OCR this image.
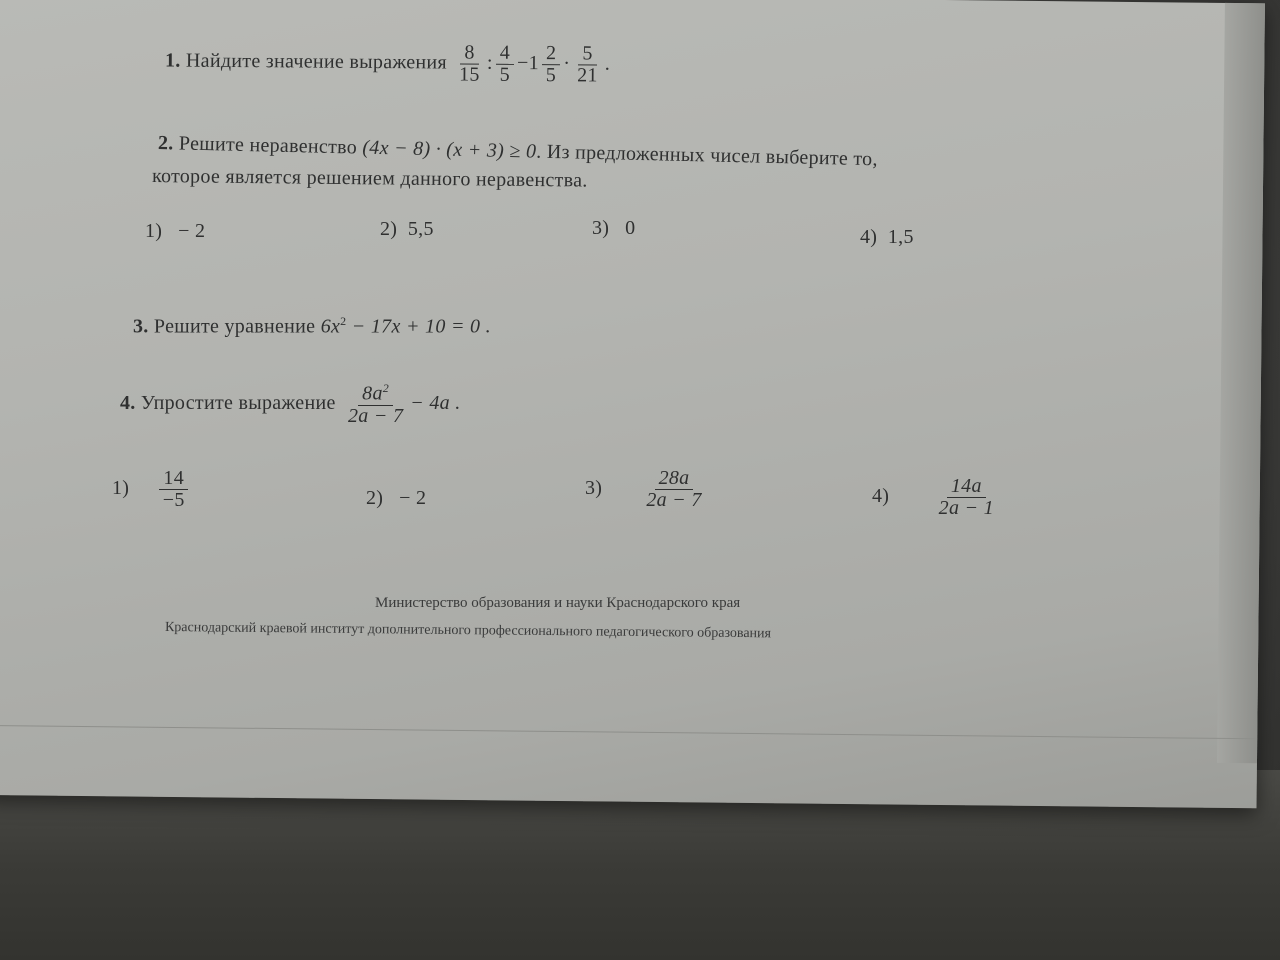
1. Найдите значение выражения $\frac{8}{15}$ : $\frac{4}{5} -1 \frac{2}{5} \cdot \frac{5}{21}$ .
2. Решите неравенство (4x − 8) · (x + 3) ≥ 0. Из предложенных чисел выберите то,
которое является решением данного неравенства.
1) − 2	2) 5,5	3) 0	4) 1,5
3. Решите уравнение $6x^2 - 17x + 10 = 0$ .
4. Упростите выражение $\frac{8a^2}{2a - 7} - 4a$ .
$1) \frac{14}{-5}$	2) − 2	$3) \frac{28a}{2a - 7}$	$4) \frac{14a}{2a - 1}$
Министерство образования и науки Краснодарского края
Краснодарский краевой институт дополнительного профессионального педагогического образования
